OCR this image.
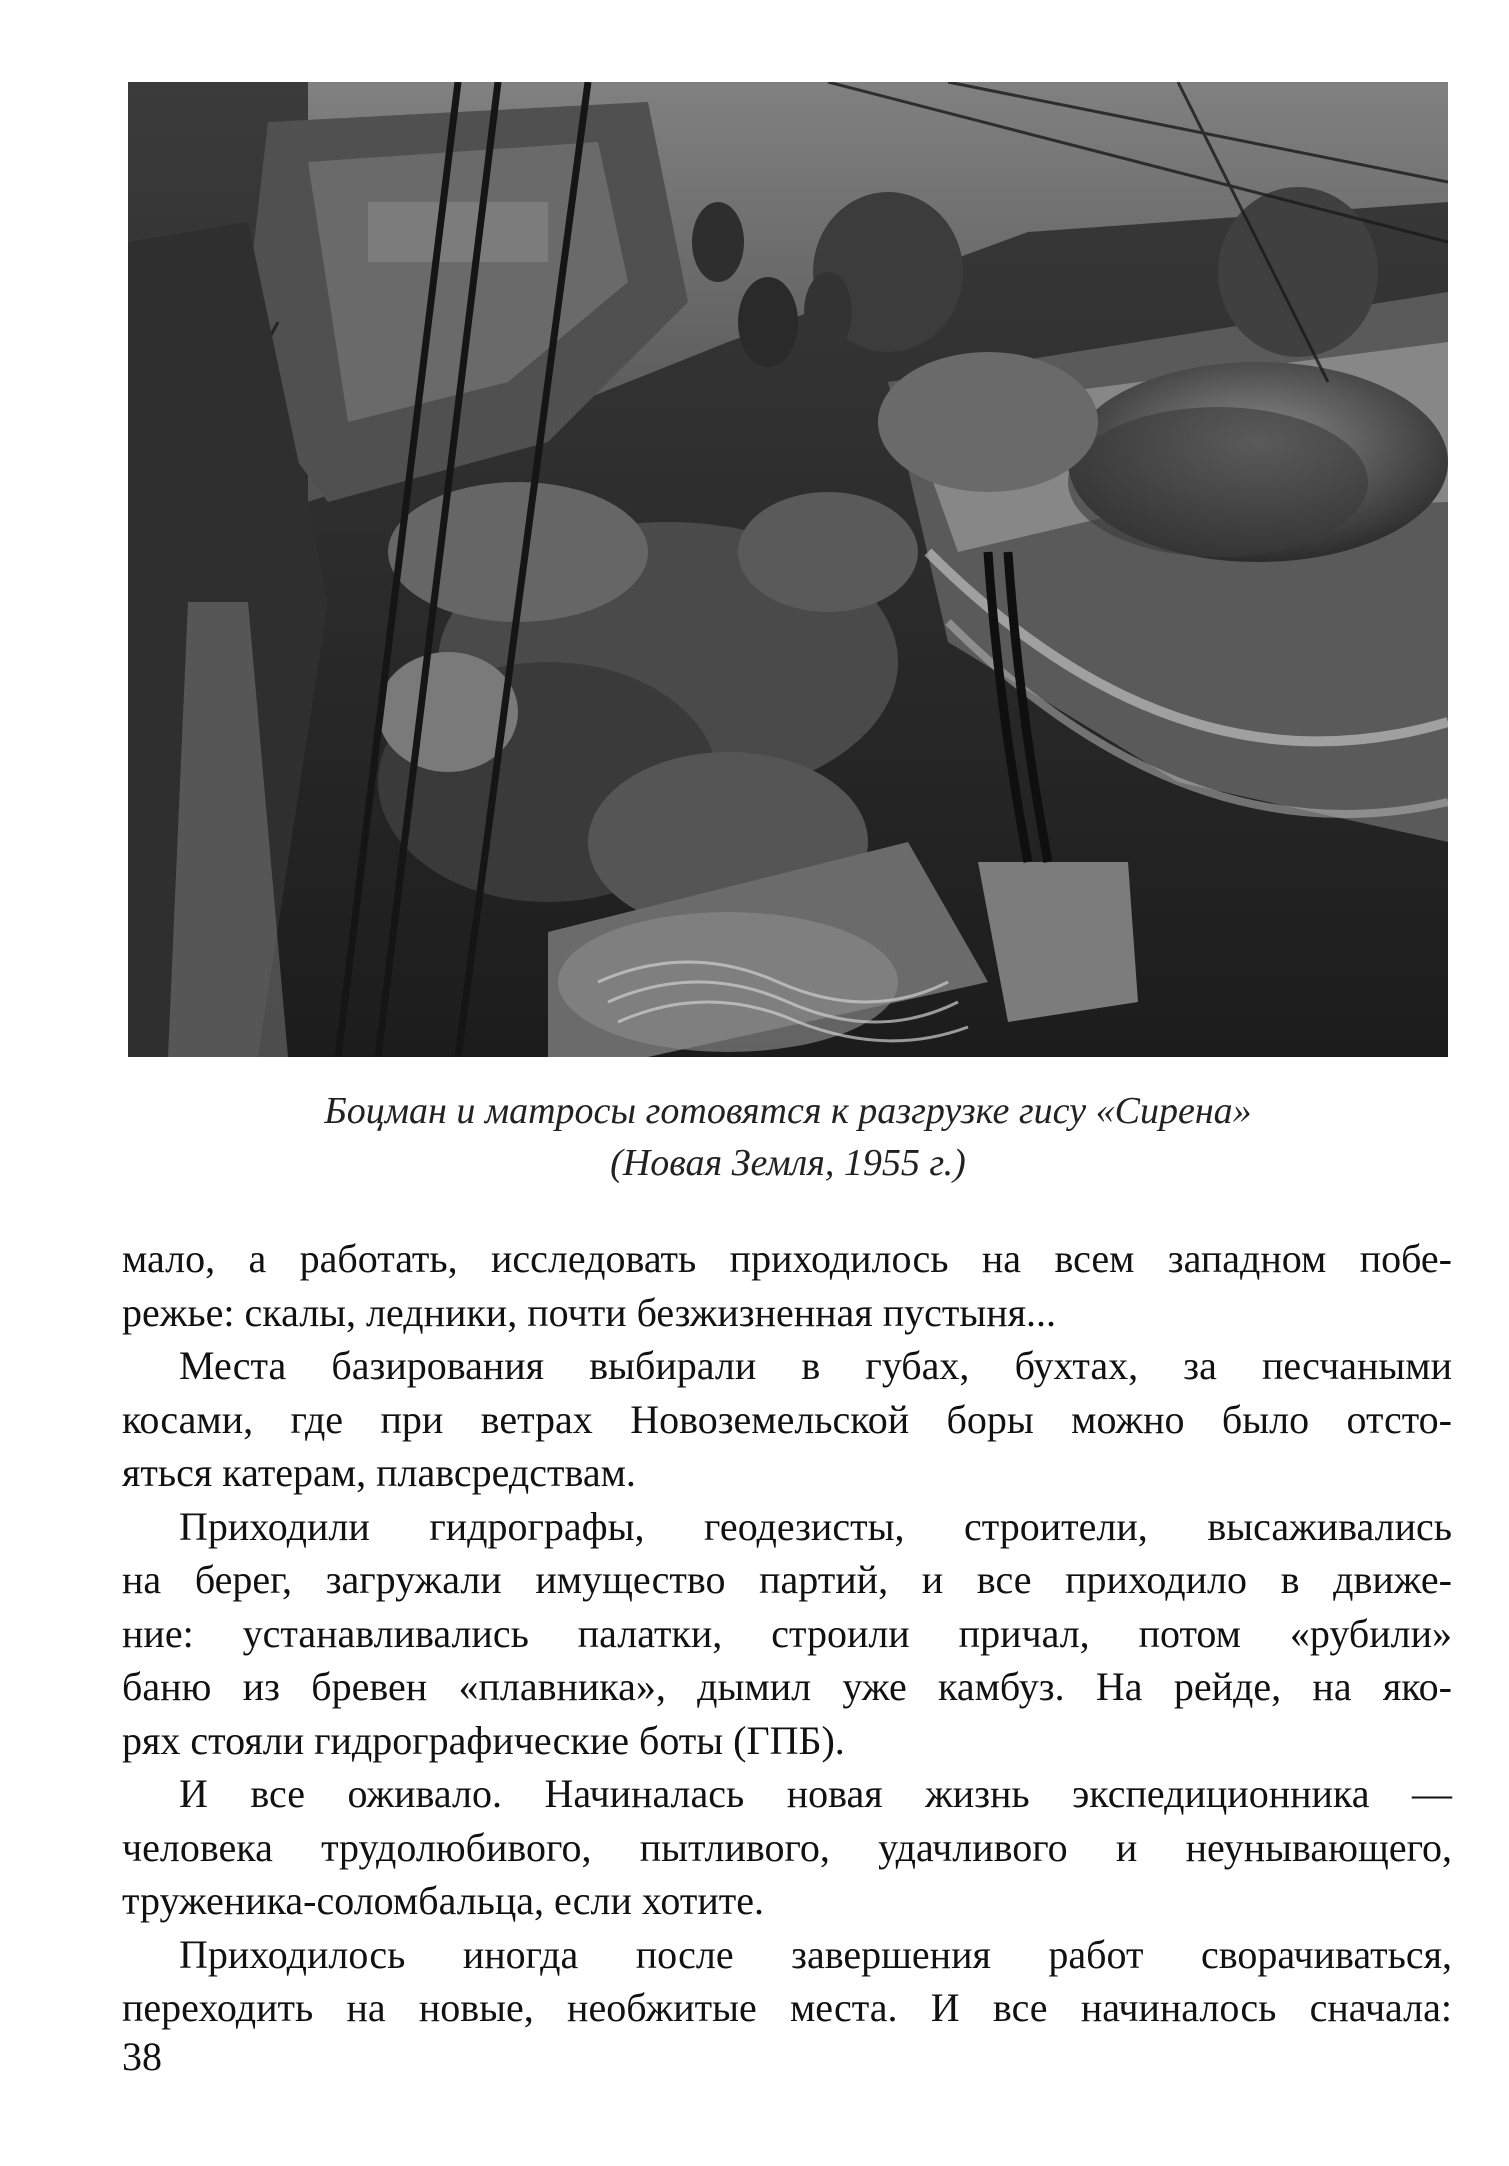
Боцман и матросы готовятся к разгрузке гису «Сирена»
(Новая Земля, 1955 г.)

мало, а работать, исследовать приходилось на всем западном побе-

режье: скалы, ледники, почти безжизненная пустыня...

Места базирования выбирали в губах, бухтах, за песчаными

косами, где при ветрах Новоземельской боры можно было отсто-

яться катерам, плавсредствам.

Приходили гидрографы, геодезисты, строители, высаживались

на берег, загружали имущество партий, и все приходило в движе-

ние: устанавливались палатки, строили причал, потом «рубили»

баню из бревен «плавника», дымил уже камбуз. На рейде, на яко-

рях стояли гидрографические боты (ГПБ).

И все оживало. Начиналась новая жизнь экспедиционника —

человека трудолюбивого, пытливого, удачливого и неунывающего,

труженика-соломбальца, если хотите.

Приходилось иногда после завершения работ сворачиваться,

переходить на новые, необжитые места. И все начиналось сначала:

38
